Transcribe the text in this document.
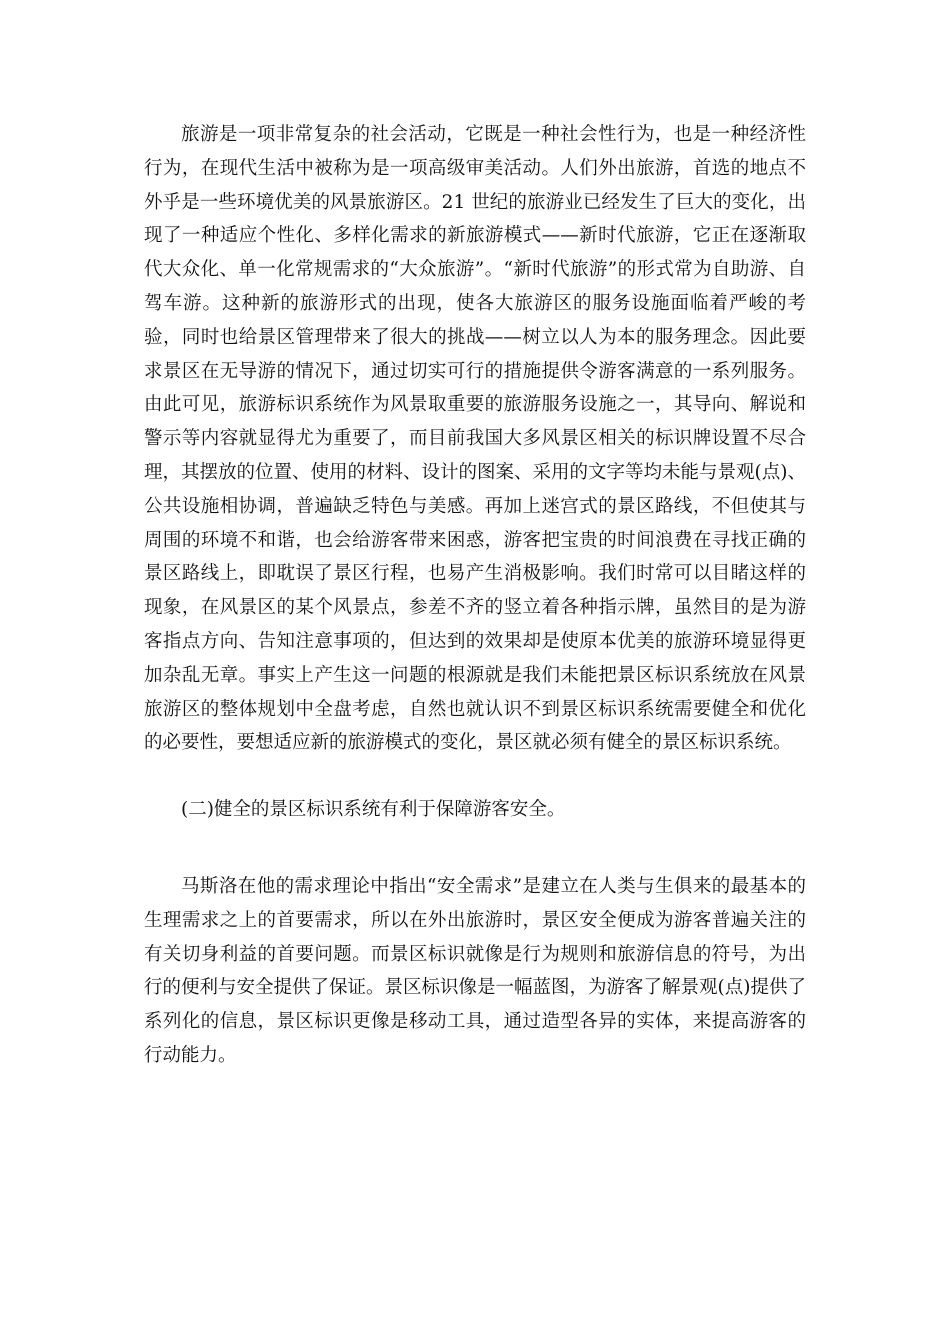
旅游是一项非常复杂的社会活动，它既是一种社会性行为，也是一种经济性行为，在现代生活中被称为是一项高级审美活动。人们外出旅游，首选的地点不外乎是一些环境优美的风景旅游区。21 世纪的旅游业已经发生了巨大的变化，出现了一种适应个性化、多样化需求的新旅游模式——新时代旅游，它正在逐渐取代大众化、单一化常规需求的“大众旅游”。“新时代旅游”的形式常为自助游、自驾车游。这种新的旅游形式的出现，使各大旅游区的服务设施面临着严峻的考验，同时也给景区管理带来了很大的挑战——树立以人为本的服务理念。因此要求景区在无导游的情况下，通过切实可行的措施提供令游客满意的一系列服务。由此可见，旅游标识系统作为风景取重要的旅游服务设施之一，其导向、解说和警示等内容就显得尤为重要了，而目前我国大多风景区相关的标识牌设置不尽合理，其摆放的位置、使用的材料、设计的图案、采用的文字等均未能与景观(点)、公共设施相协调，普遍缺乏特色与美感。再加上迷宫式的景区路线，不但使其与周围的环境不和谐，也会给游客带来困惑，游客把宝贵的时间浪费在寻找正确的景区路线上，即耽误了景区行程，也易产生消极影响。我们时常可以目睹这样的现象，在风景区的某个风景点，参差不齐的竖立着各种指示牌，虽然目的是为游客指点方向、告知注意事项的，但达到的效果却是使原本优美的旅游环境显得更加杂乱无章。事实上产生这一问题的根源就是我们未能把景区标识系统放在风景旅游区的整体规划中全盘考虑，自然也就认识不到景区标识系统需要健全和优化的必要性，要想适应新的旅游模式的变化，景区就必须有健全的景区标识系统。

(二)健全的景区标识系统有利于保障游客安全。

马斯洛在他的需求理论中指出“安全需求”是建立在人类与生俱来的最基本的生理需求之上的首要需求，所以在外出旅游时，景区安全便成为游客普遍关注的有关切身利益的首要问题。而景区标识就像是行为规则和旅游信息的符号，为出行的便利与安全提供了保证。景区标识像是一幅蓝图，为游客了解景观(点)提供了系列化的信息，景区标识更像是移动工具，通过造型各异的实体，来提高游客的行动能力。
